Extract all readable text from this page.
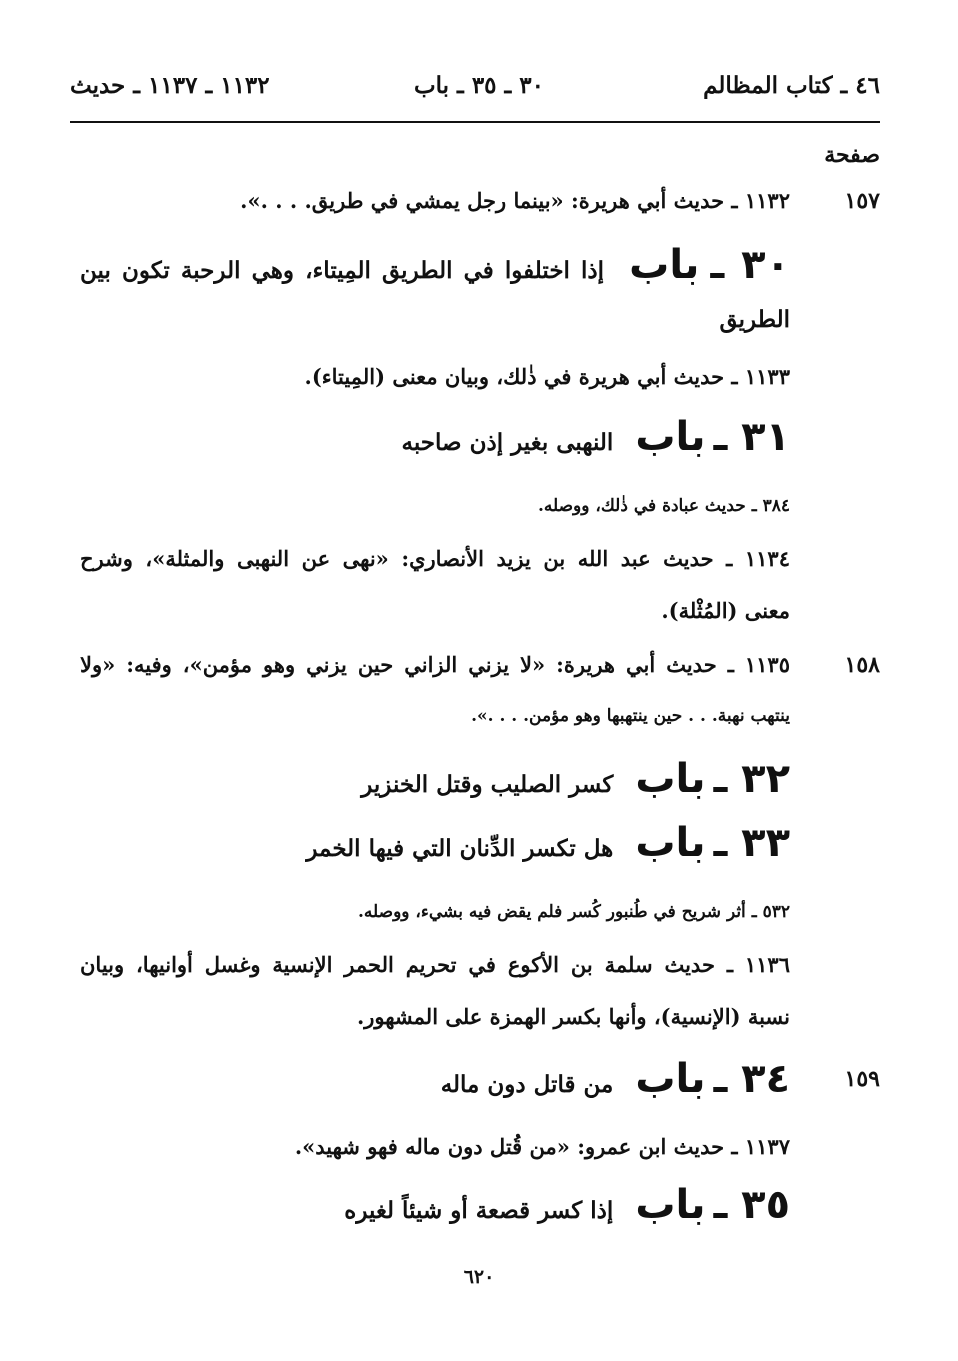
٤٦ ـ كتاب المظالم
٣٠ ـ ٣٥ ـ باب
١١٣٢ ـ ١١٣٧ ـ حديث
صفحة
١٥٧
١١٣٢ ـ حديث أبي هريرة: «بينما رجل يمشي في طريق. . . .».
٣٠ ـ باب إذا اختلفوا في الطريق المِيتاء، وهي الرحبة تكون بين
الطريق
١١٣٣ ـ حديث أبي هريرة في ذٰلك، وبيان معنى (المِيتاء).
٣١ ـ باب النهبى بغير إذن صاحبه
٣٨٤ ـ حديث عبادة في ذٰلك، ووصله.
١١٣٤ ـ حديث عبد الله بن يزيد الأنصاري: «نهى عن النهبى والمثلة»، وشرح
معنى (المُثْلة).
١٥٨
١١٣٥ ـ حديث أبي هريرة: «لا يزني الزاني حين يزني وهو مؤمن»، وفيه: «ولا
ينتهب نهبة. . . حين ينتهبها وهو مؤمن. . . .».
٣٢ ـ باب كسر الصليب وقتل الخنزير
٣٣ ـ باب هل تكسر الدِّنان التي فيها الخمر
٥٣٢ ـ أثر شريح في طُنبور كُسر فلم يقض فيه بشيء، ووصله.
١١٣٦ ـ حديث سلمة بن الأكوع في تحريم الحمر الإنسية وغسل أوانيها، وبيان
نسبة (الإنسية)، وأنها بكسر الهمزة على المشهور.
١٥٩
٣٤ ـ باب من قاتل دون ماله
١١٣٧ ـ حديث ابن عمرو: «من قُتل دون ماله فهو شهيد».
٣٥ ـ باب إذا كسر قصعة أو شيئاً لغيره
٦٢٠
